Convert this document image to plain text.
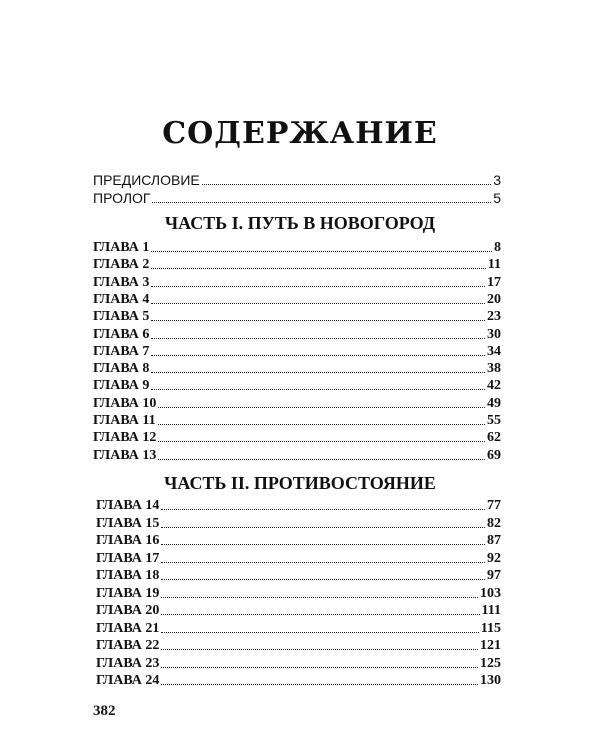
СОДЕРЖАНИЕ
ПРЕДИСЛОВИЕ	3
ПРОЛОГ	5
ЧАСТЬ I. ПУТЬ В НОВОГОРОД
ГЛАВА 1	8
ГЛАВА 2	11
ГЛАВА 3	17
ГЛАВА 4	20
ГЛАВА 5	23
ГЛАВА 6	30
ГЛАВА 7	34
ГЛАВА 8	38
ГЛАВА 9	42
ГЛАВА 10	49
ГЛАВА 11	55
ГЛАВА 12	62
ГЛАВА 13	69
ЧАСТЬ II. ПРОТИВОСТОЯНИЕ
ГЛАВА 14	77
ГЛАВА 15	82
ГЛАВА 16	87
ГЛАВА 17	92
ГЛАВА 18	97
ГЛАВА 19	103
ГЛАВА 20	111
ГЛАВА 21	115
ГЛАВА 22	121
ГЛАВА 23	125
ГЛАВА 24	130
382
